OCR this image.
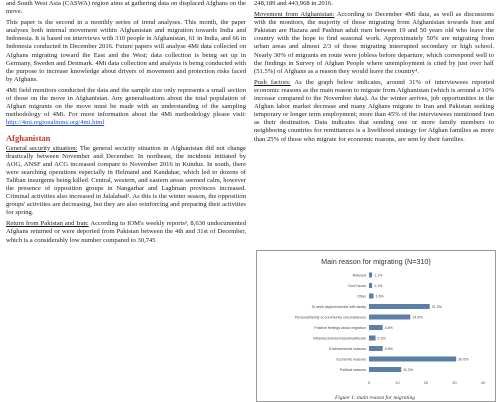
and South West Asia (CASWA) region aims at gathering data on displaced Afghans on the move.

This paper is the second in a monthly series of trend analyses. This month, the paper analyses both internal movement within Afghanistan and migration towards India and Indonesia. It is based on interviews with 310 people in Afghanistan, 61 in India, and 66 in Indonesia conducted in December 2016. Future papers will analyse 4Mi data collected on Afghans migrating toward the East and the West; data collection is being set up in Germany, Sweden and Denmark. 4Mi data collection and analysis is being conducted with the purpose to increase knowledge about drivers of movement and protection risks faced by Afghans.

4Mi field monitors conducted the data and the sample size only represents a small section of those on the move in Afghanistan. Any generalisations about the total population of Afghan migrants on the move must be made with an understanding of the sampling methodology of 4Mi. For more information about the 4Mi methodology please visit: http://4mi.regionalmms.org/4mi.html

Afghanistan

General security situation: The general security situation in Afghanistan did not change drastically between November and December. In northeast, the incidents initiated by AOG, ANSF and ACG increased compare to November 2016 in Kunduz. In south, there were searching operations especially in Helmand and Kandahar, which led to dozens of Taliban insurgents being killed. Central, western, and eastern areas seemed calm, however the presence of opposition groups in Nangarhar and Laghman provinces increased. Criminal activities also increased in Jalalabad². As this is the winter season, the opposition groups' activities are decreasing, but they are also reinforcing and preparing their activities for spring.

Return from Pakistan and Iran: According to IOM's weekly reports³, 8,630 undocumented Afghans returned or were deported from Pakistan between the 4th and 31st of December, which is a considerably low number compared to 30,745

248,189 and 443,968 in 2016.

Movement from Afghanistan: According to December 4Mi data, as well as discussions with the monitors, the majority of those migrating from Afghanistan towards Iran and Pakistan are Hazara and Pashtun adult men between 19 and 50 years old who leave the country with the hope to find seasonal work. Approximately 50% are migrating from urban areas and almost 2/3 of those migrating interrupted secondary or high school. Nearly 30% of migrants en route were jobless before departure, which correspond well to the findings in Survey of Afghan People where unemployment is cited by just over half (51.5%) of Afghans as a reason they would leave the country⁴.

Push factors: As the graph below indicates, around 31% of interviewees reported economic reasons as the main reason to migrate from Afghanistan (which is around a 10% increase compared to the November data). As the winter arrives, job opportunities in the Afghan labor market decrease and many Afghans migrate to Iran and Pakistan seeking temporary or longer term employment; more than 45% of the interviewees mentioned Iran as their destination. Data indicates that sending one or more family members to neighboring countries for remittances is a livelihood strategy for Afghan families as more than 25% of those who migrate for economic reasons, are sent by their families.

Main reason for migrating (N=310)
Refused 1.1%
Don't know 1.1%
Other	1.6%
To seek asylum/reunite with family	21.3%
Personal/family or community circumstances	14.5%
Positive feelings about migration	4.8%
Infrastructure/services/healthcare	2.3%
Environmental reasons	4.8%
Economic reasons	30.6%
Political reasons	11.3%
0	10	20	30	40
Figure 1: main reason for migrating
